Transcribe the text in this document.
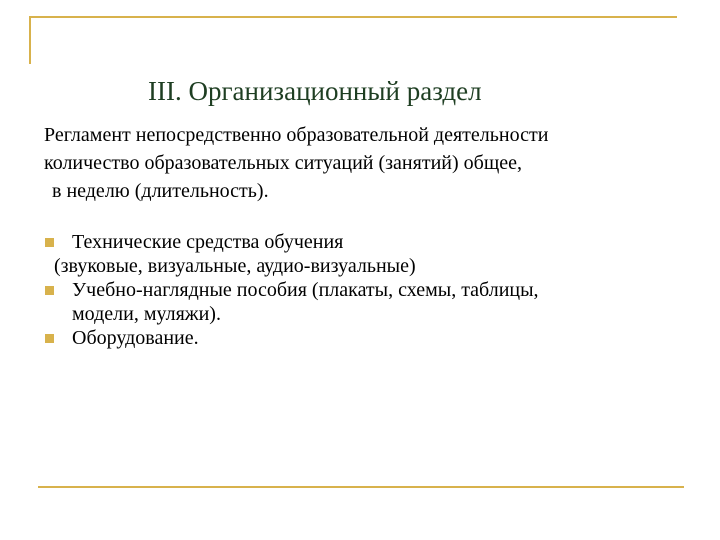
III. Организационный раздел
Регламент непосредственно образовательной деятельности
количество образовательных ситуаций (занятий) общее,
в неделю (длительность).
Технические средства обучения
(звуковые, визуальные, аудио-визуальные)
Учебно-наглядные пособия (плакаты, схемы, таблицы,
модели, муляжи).
Оборудование.
